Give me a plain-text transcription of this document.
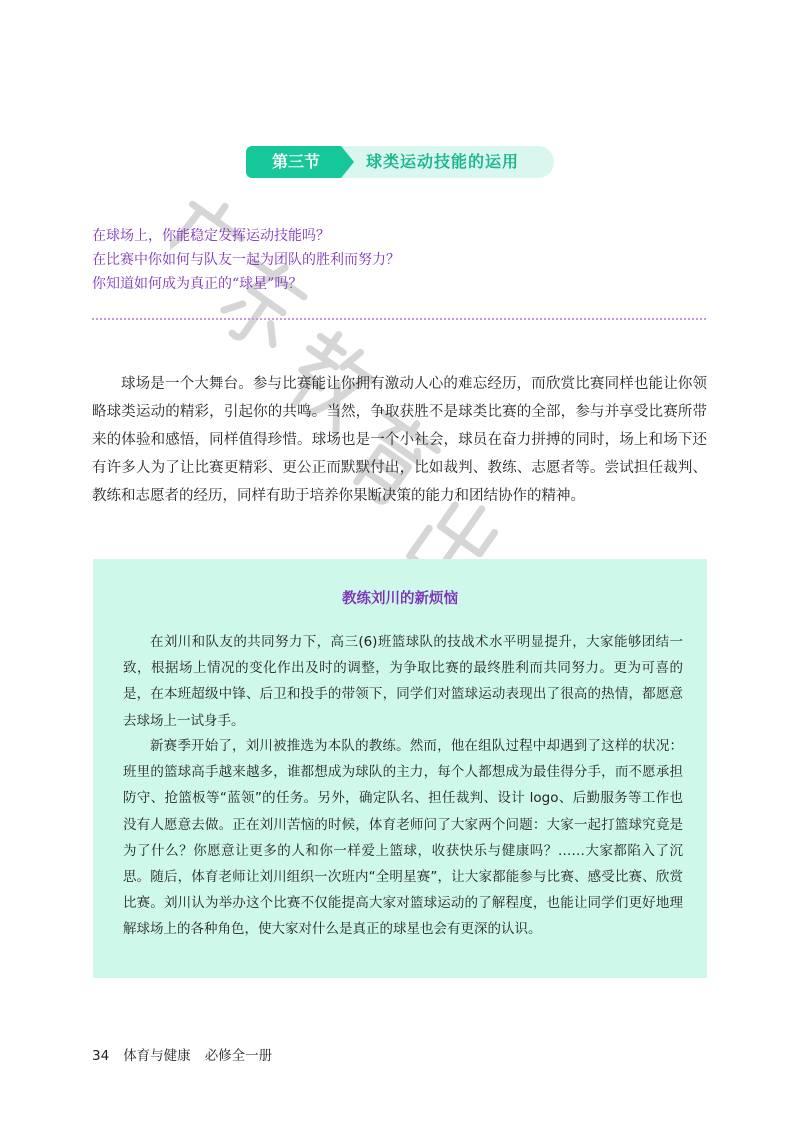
第三节	球类运动技能的运用
在球场上，你能稳定发挥运动技能吗？
在比赛中你如何与队友一起为团队的胜利而努力？
你知道如何成为真正的“球星”吗？

球场是一个大舞台。参与比赛能让你拥有激动人心的难忘经历，而欣赏比赛同样也能让你领略球类运动的精彩，引起你的共鸣。当然，争取获胜不是球类比赛的全部，参与并享受比赛所带来的体验和感悟，同样值得珍惜。球场也是一个小社会，球员在奋力拼搏的同时，场上和场下还有许多人为了让比赛更精彩、更公正而默默付出，比如裁判、教练、志愿者等。尝试担任裁判、教练和志愿者的经历，同样有助于培养你果断决策的能力和团结协作的精神。

教练刘川的新烦恼

在刘川和队友的共同努力下，高三(6)班篮球队的技战术水平明显提升，大家能够团结一致，根据场上情况的变化作出及时的调整，为争取比赛的最终胜利而共同努力。更为可喜的是，在本班超级中锋、后卫和投手的带领下，同学们对篮球运动表现出了很高的热情，都愿意去球场上一试身手。

新赛季开始了，刘川被推选为本队的教练。然而，他在组队过程中却遇到了这样的状况：班里的篮球高手越来越多，谁都想成为球队的主力，每个人都想成为最佳得分手，而不愿承担防守、抢篮板等“蓝领”的任务。另外，确定队名、担任裁判、设计 logo、后勤服务等工作也没有人愿意去做。正在刘川苦恼的时候，体育老师问了大家两个问题：大家一起打篮球究竟是为了什么？你愿意让更多的人和你一样爱上篮球，收获快乐与健康吗？……大家都陷入了沉思。随后，体育老师让刘川组织一次班内“全明星赛”，让大家都能参与比赛、感受比赛、欣赏比赛。刘川认为举办这个比赛不仅能提高大家对篮球运动的了解程度，也能让同学们更好地理解球场上的各种角色，使大家对什么是真正的球星也会有更深的认识。

34 体育与健康 必修全一册
